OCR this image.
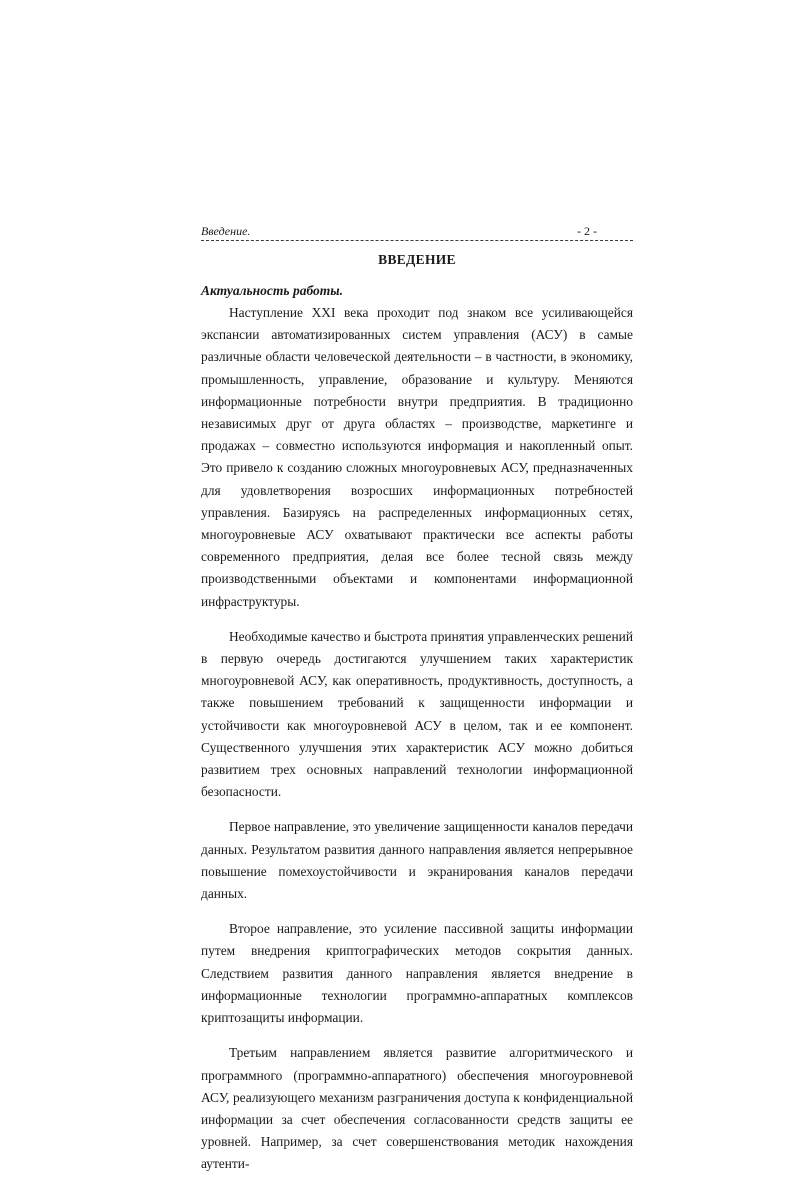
Введение.	- 2 -
ВВЕДЕНИЕ
Актуальность работы.

Наступление XXI века проходит под знаком все усиливающейся экспансии автоматизированных систем управления (АСУ) в самые различные области человеческой деятельности – в частности, в экономику, промышленность, управление, образование и культуру. Меняются информационные потребности внутри предприятия. В традиционно независимых друг от друга областях – производстве, маркетинге и продажах – совместно используются информация и накопленный опыт. Это привело к созданию сложных многоуровневых АСУ, предназначенных для удовлетворения возросших информационных потребностей управления. Базируясь на распределенных информационных сетях, многоуровневые АСУ охватывают практически все аспекты работы современного предприятия, делая все более тесной связь между производственными объектами и компонентами информационной инфраструктуры.

Необходимые качество и быстрота принятия управленческих решений в первую очередь достигаются улучшением таких характеристик многоуровневой АСУ, как оперативность, продуктивность, доступность, а также повышением требований к защищенности информации и устойчивости как многоуровневой АСУ в целом, так и ее компонент. Существенного улучшения этих характеристик АСУ можно добиться развитием трех основных направлений технологии информационной безопасности.

Первое направление, это увеличение защищенности каналов передачи данных. Результатом развития данного направления является непрерывное повышение помехоустойчивости и экранирования каналов передачи данных.

Второе направление, это усиление пассивной защиты информации путем внедрения криптографических методов сокрытия данных. Следствием развития данного направления является внедрение в информационные технологии программно-аппаратных комплексов криптозащиты информации.

Третьим направлением является развитие алгоритмического и программного (программно-аппаратного) обеспечения многоуровневой АСУ, реализующего механизм разграничения доступа к конфиденциальной информации за счет обеспечения согласованности средств защиты ее уровней. Например, за счет совершенствования методик нахождения аутенти-
